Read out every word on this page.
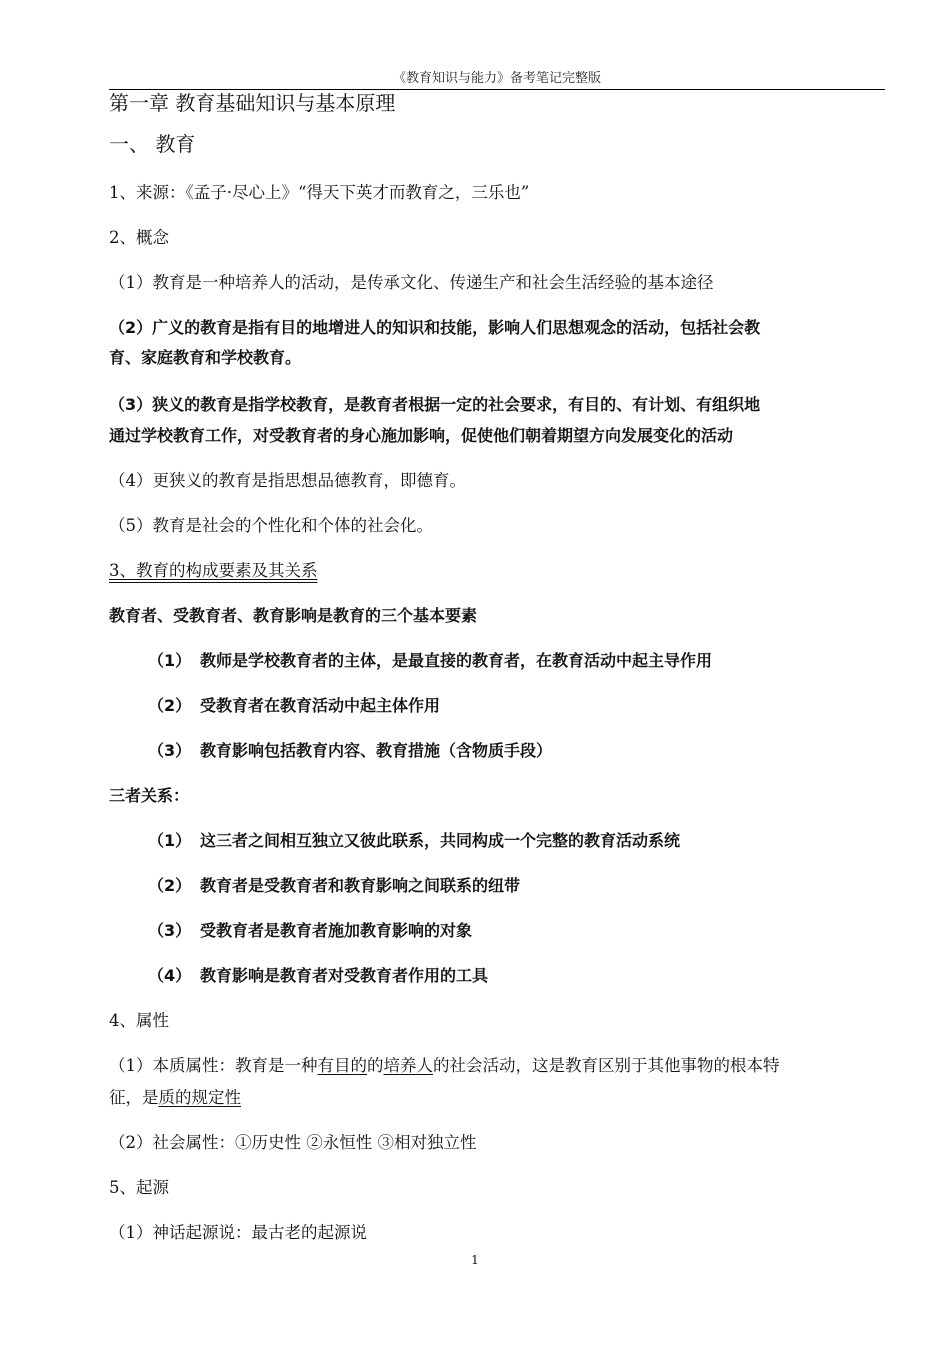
《教育知识与能力》备考笔记完整版
第一章 教育基础知识与基本原理
一、 教育
1、来源：《孟子·尽心上》“得天下英才而教育之，三乐也”
2、概念
（1）教育是一种培养人的活动，是传承文化、传递生产和社会生活经验的基本途径
（2）广义的教育是指有目的地增进人的知识和技能，影响人们思想观念的活动，包括社会教
育、家庭教育和学校教育。
（3）狭义的教育是指学校教育，是教育者根据一定的社会要求，有目的、有计划、有组织地
通过学校教育工作，对受教育者的身心施加影响，促使他们朝着期望方向发展变化的活动
（4）更狭义的教育是指思想品德教育，即德育。
（5）教育是社会的个性化和个体的社会化。
3、教育的构成要素及其关系
教育者、受教育者、教育影响是教育的三个基本要素
（1） 教师是学校教育者的主体，是最直接的教育者，在教育活动中起主导作用
（2） 受教育者在教育活动中起主体作用
（3） 教育影响包括教育内容、教育措施（含物质手段）
三者关系：
（1） 这三者之间相互独立又彼此联系，共同构成一个完整的教育活动系统
（2） 教育者是受教育者和教育影响之间联系的纽带
（3） 受教育者是教育者施加教育影响的对象
（4） 教育影响是教育者对受教育者作用的工具
4、属性
（1）本质属性：教育是一种有目的的培养人的社会活动，这是教育区别于其他事物的根本特
征，是质的规定性
（2）社会属性：①历史性 ②永恒性 ③相对独立性
5、起源
（1）神话起源说：最古老的起源说
1
